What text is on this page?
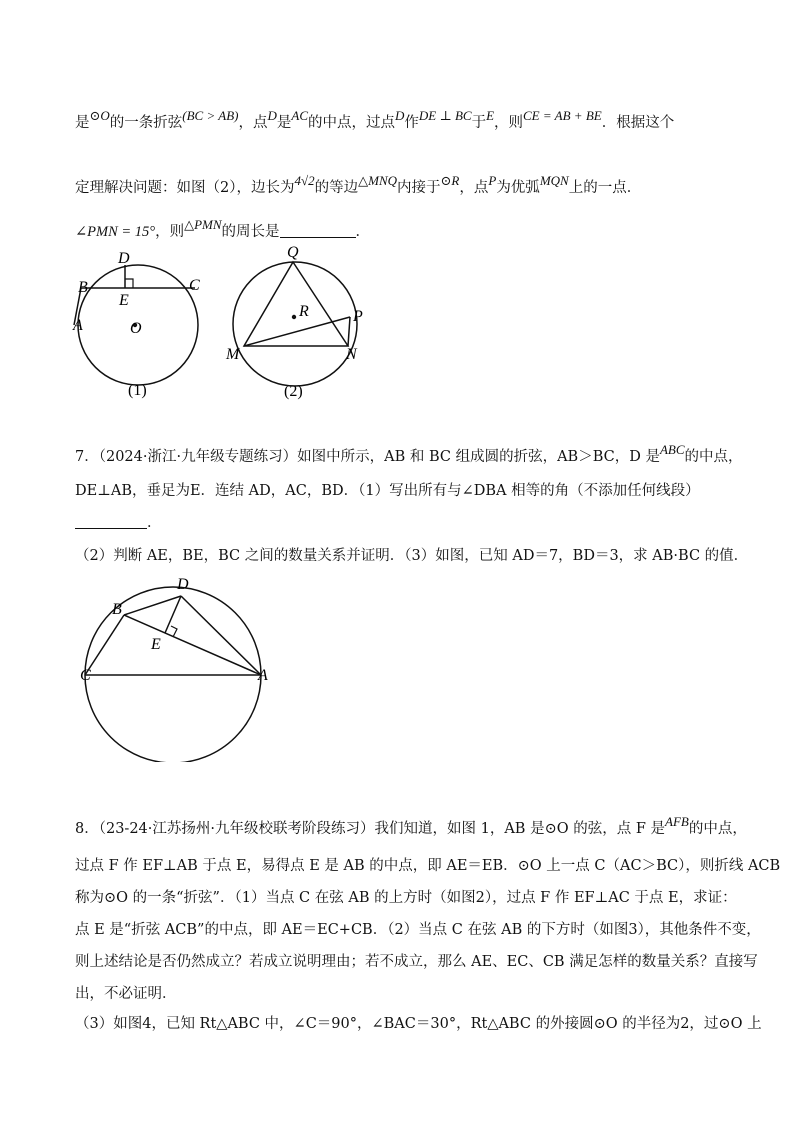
是⊙O的一条折弦(BC > AB)，点D是AC的中点，过点D作DE ⊥ BC于E，则CE = AB + BE．根据这个
定理解决问题：如图（2），边长为4√2的等边△MNQ内接于⊙R，点P为优弧MQN上的一点．
∠PMN = 15°，则△PMN的周长是	．
D
B
E
C
A	O
(1)
Q
R	P
M	N
(2)
7．（2024·浙江·九年级专题练习）如图中所示，AB 和 BC 组成圆的折弦，AB＞BC，D 是ABC的中点，
DE⊥AB，垂足为E．连结 AD，AC，BD．（1）写出所有与∠DBA 相等的角（不添加任何线段）
．
（2）判断 AE，BE，BC 之间的数量关系并证明．（3）如图，已知 AD＝7，BD＝3，求 AB·BC 的值．
D
B
E
C	A
8．（23-24·江苏扬州·九年级校联考阶段练习）我们知道，如图 1，AB 是⊙O 的弦，点 F 是AFB的中点，
过点 F 作 EF⊥AB 于点 E，易得点 E 是 AB 的中点，即 AE＝EB．⊙O 上一点 C（AC＞BC），则折线 ACB
称为⊙O 的一条“折弦”．（1）当点 C 在弦 AB 的上方时（如图2），过点 F 作 EF⊥AC 于点 E，求证：
点 E 是“折弦 ACB”的中点，即 AE＝EC+CB．（2）当点 C 在弦 AB 的下方时（如图3），其他条件不变，
则上述结论是否仍然成立？若成立说明理由；若不成立，那么 AE、EC、CB 满足怎样的数量关系？直接写
出，不必证明．
（3）如图4，已知 Rt△ABC 中，∠C＝90°，∠BAC＝30°，Rt△ABC 的外接圆⊙O 的半径为2，过⊙O 上
